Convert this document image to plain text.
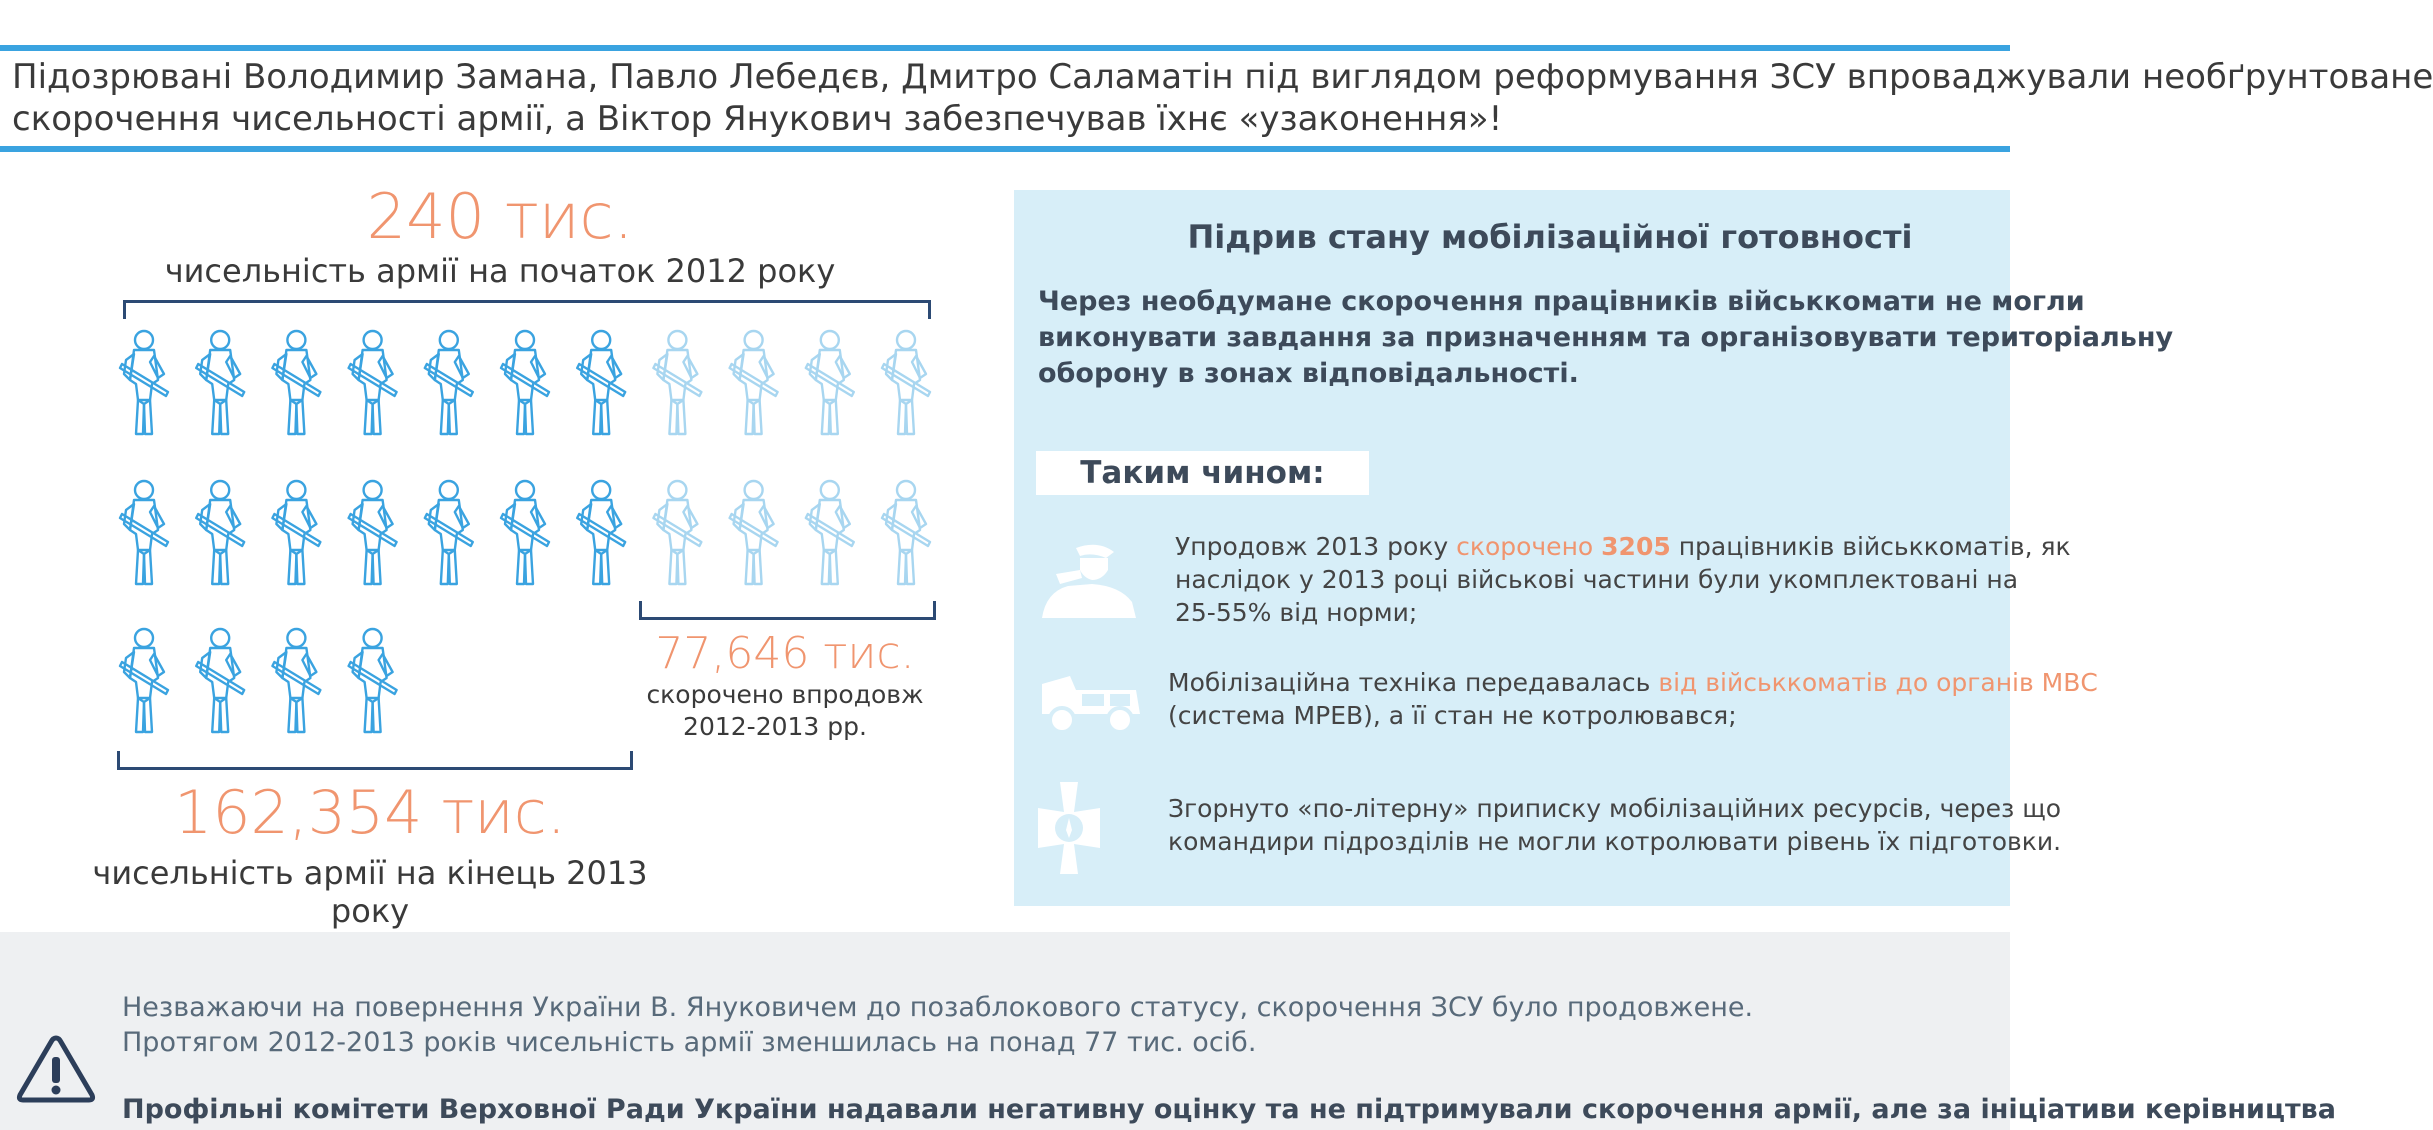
Підозрювані Володимир Замана, Павло Лебедєв, Дмитро Саламатін під виглядом реформування ЗСУ впроваджували необґрунтоване
скорочення чисельності армії, а Віктор Янукович забезпечував їхнє «узаконення»!
240 тис.
чисельність армії на початок 2012 року
77,646 тис.
скорочено впродовж
2012-2013 рр.
162,354 тис.
чисельність армії на кінець 2013 року
Підрив стану мобілізаційної готовності
Через необдумане скорочення працівників військкомати не могли
виконувати завдання за призначенням та організовувати територіальну
оборону в зонах відповідальності.
Таким чином:
Упродовж 2013 року скорочено 3205 працівників військкоматів, як
наслідок у 2013 році військові частини були укомплектовані на
25-55% від норми;
Мобілізаційна техніка передавалась від військкоматів до органів МВС
(система МРЕВ), а її стан не котролювався;
Згорнуто «по-літерну» приписку мобілізаційних ресурсів, через що
командири підрозділів не могли котролювати рівень їх підготовки.
Незважаючи на повернення України В. Януковичем до позаблокового статусу, скорочення ЗСУ було продовжене.
Протягом 2012-2013 років чисельність армії зменшилась на понад 77 тис. осіб.
Профільні комітети Верховної Ради України надавали негативну оцінку та не підтримували скорочення армії, але за ініціативи керівництва
